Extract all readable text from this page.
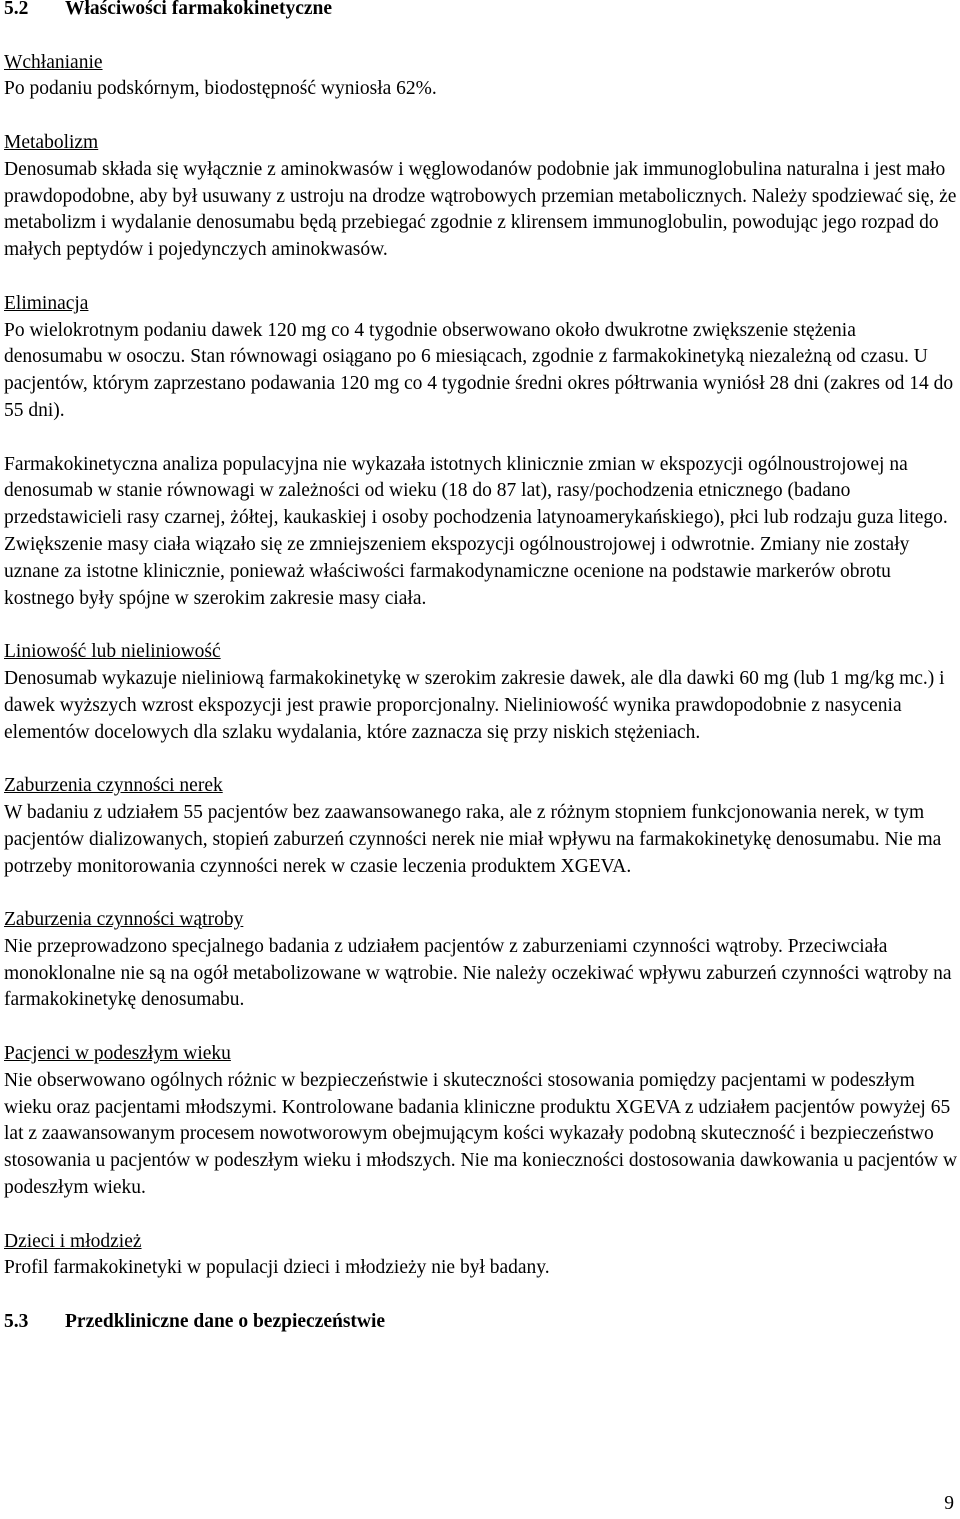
5.2	Właściwości farmakokinetyczne

Wchłanianie

Po podaniu podskórnym, biodostępność wyniosła 62%.

Metabolizm

Denosumab składa się wyłącznie z aminokwasów i węglowodanów podobnie jak immunoglobulina naturalna i jest mało prawdopodobne, aby był usuwany z ustroju na drodze wątrobowych przemian metabolicznych. Należy spodziewać się, że metabolizm i wydalanie denosumabu będą przebiegać zgodnie z klirensem immunoglobulin, powodując jego rozpad do małych peptydów i pojedynczych aminokwasów.

Eliminacja

Po wielokrotnym podaniu dawek 120 mg co 4 tygodnie obserwowano około dwukrotne zwiększenie stężenia denosumabu w osoczu. Stan równowagi osiągano po 6 miesiącach, zgodnie z farmakokinetyką niezależną od czasu. U pacjentów, którym zaprzestano podawania 120 mg co 4 tygodnie średni okres półtrwania wyniósł 28 dni (zakres od 14 do 55 dni).

Farmakokinetyczna analiza populacyjna nie wykazała istotnych klinicznie zmian w ekspozycji ogólnoustrojowej na denosumab w stanie równowagi w zależności od wieku (18 do 87 lat), rasy/pochodzenia etnicznego (badano przedstawicieli rasy czarnej, żółtej, kaukaskiej i osoby pochodzenia latynoamerykańskiego), płci lub rodzaju guza litego. Zwiększenie masy ciała wiązało się ze zmniejszeniem ekspozycji ogólnoustrojowej i odwrotnie. Zmiany nie zostały uznane za istotne klinicznie, ponieważ właściwości farmakodynamiczne ocenione na podstawie markerów obrotu kostnego były spójne w szerokim zakresie masy ciała.

Liniowość lub nieliniowość

Denosumab wykazuje nieliniową farmakokinetykę w szerokim zakresie dawek, ale dla dawki 60 mg (lub 1 mg/kg mc.) i dawek wyższych wzrost ekspozycji jest prawie proporcjonalny. Nieliniowość wynika prawdopodobnie z nasycenia elementów docelowych dla szlaku wydalania, które zaznacza się przy niskich stężeniach.

Zaburzenia czynności nerek

W badaniu z udziałem 55 pacjentów bez zaawansowanego raka, ale z różnym stopniem funkcjonowania nerek, w tym pacjentów dializowanych, stopień zaburzeń czynności nerek nie miał wpływu na farmakokinetykę denosumabu. Nie ma potrzeby monitorowania czynności nerek w czasie leczenia produktem XGEVA.

Zaburzenia czynności wątroby

Nie przeprowadzono specjalnego badania z udziałem pacjentów z zaburzeniami czynności wątroby. Przeciwciała monoklonalne nie są na ogół metabolizowane w wątrobie. Nie należy oczekiwać wpływu zaburzeń czynności wątroby na farmakokinetykę denosumabu.

Pacjenci w podeszłym wieku

Nie obserwowano ogólnych różnic w bezpieczeństwie i skuteczności stosowania pomiędzy pacjentami w podeszłym wieku oraz pacjentami młodszymi. Kontrolowane badania kliniczne produktu XGEVA z udziałem pacjentów powyżej 65 lat z zaawansowanym procesem nowotworowym obejmującym kości wykazały podobną skuteczność i bezpieczeństwo stosowania u pacjentów w podeszłym wieku i młodszych. Nie ma konieczności dostosowania dawkowania u pacjentów w podeszłym wieku.

Dzieci i młodzież

Profil farmakokinetyki w populacji dzieci i młodzieży nie był badany.

5.3	Przedkliniczne dane o bezpieczeństwie
9
